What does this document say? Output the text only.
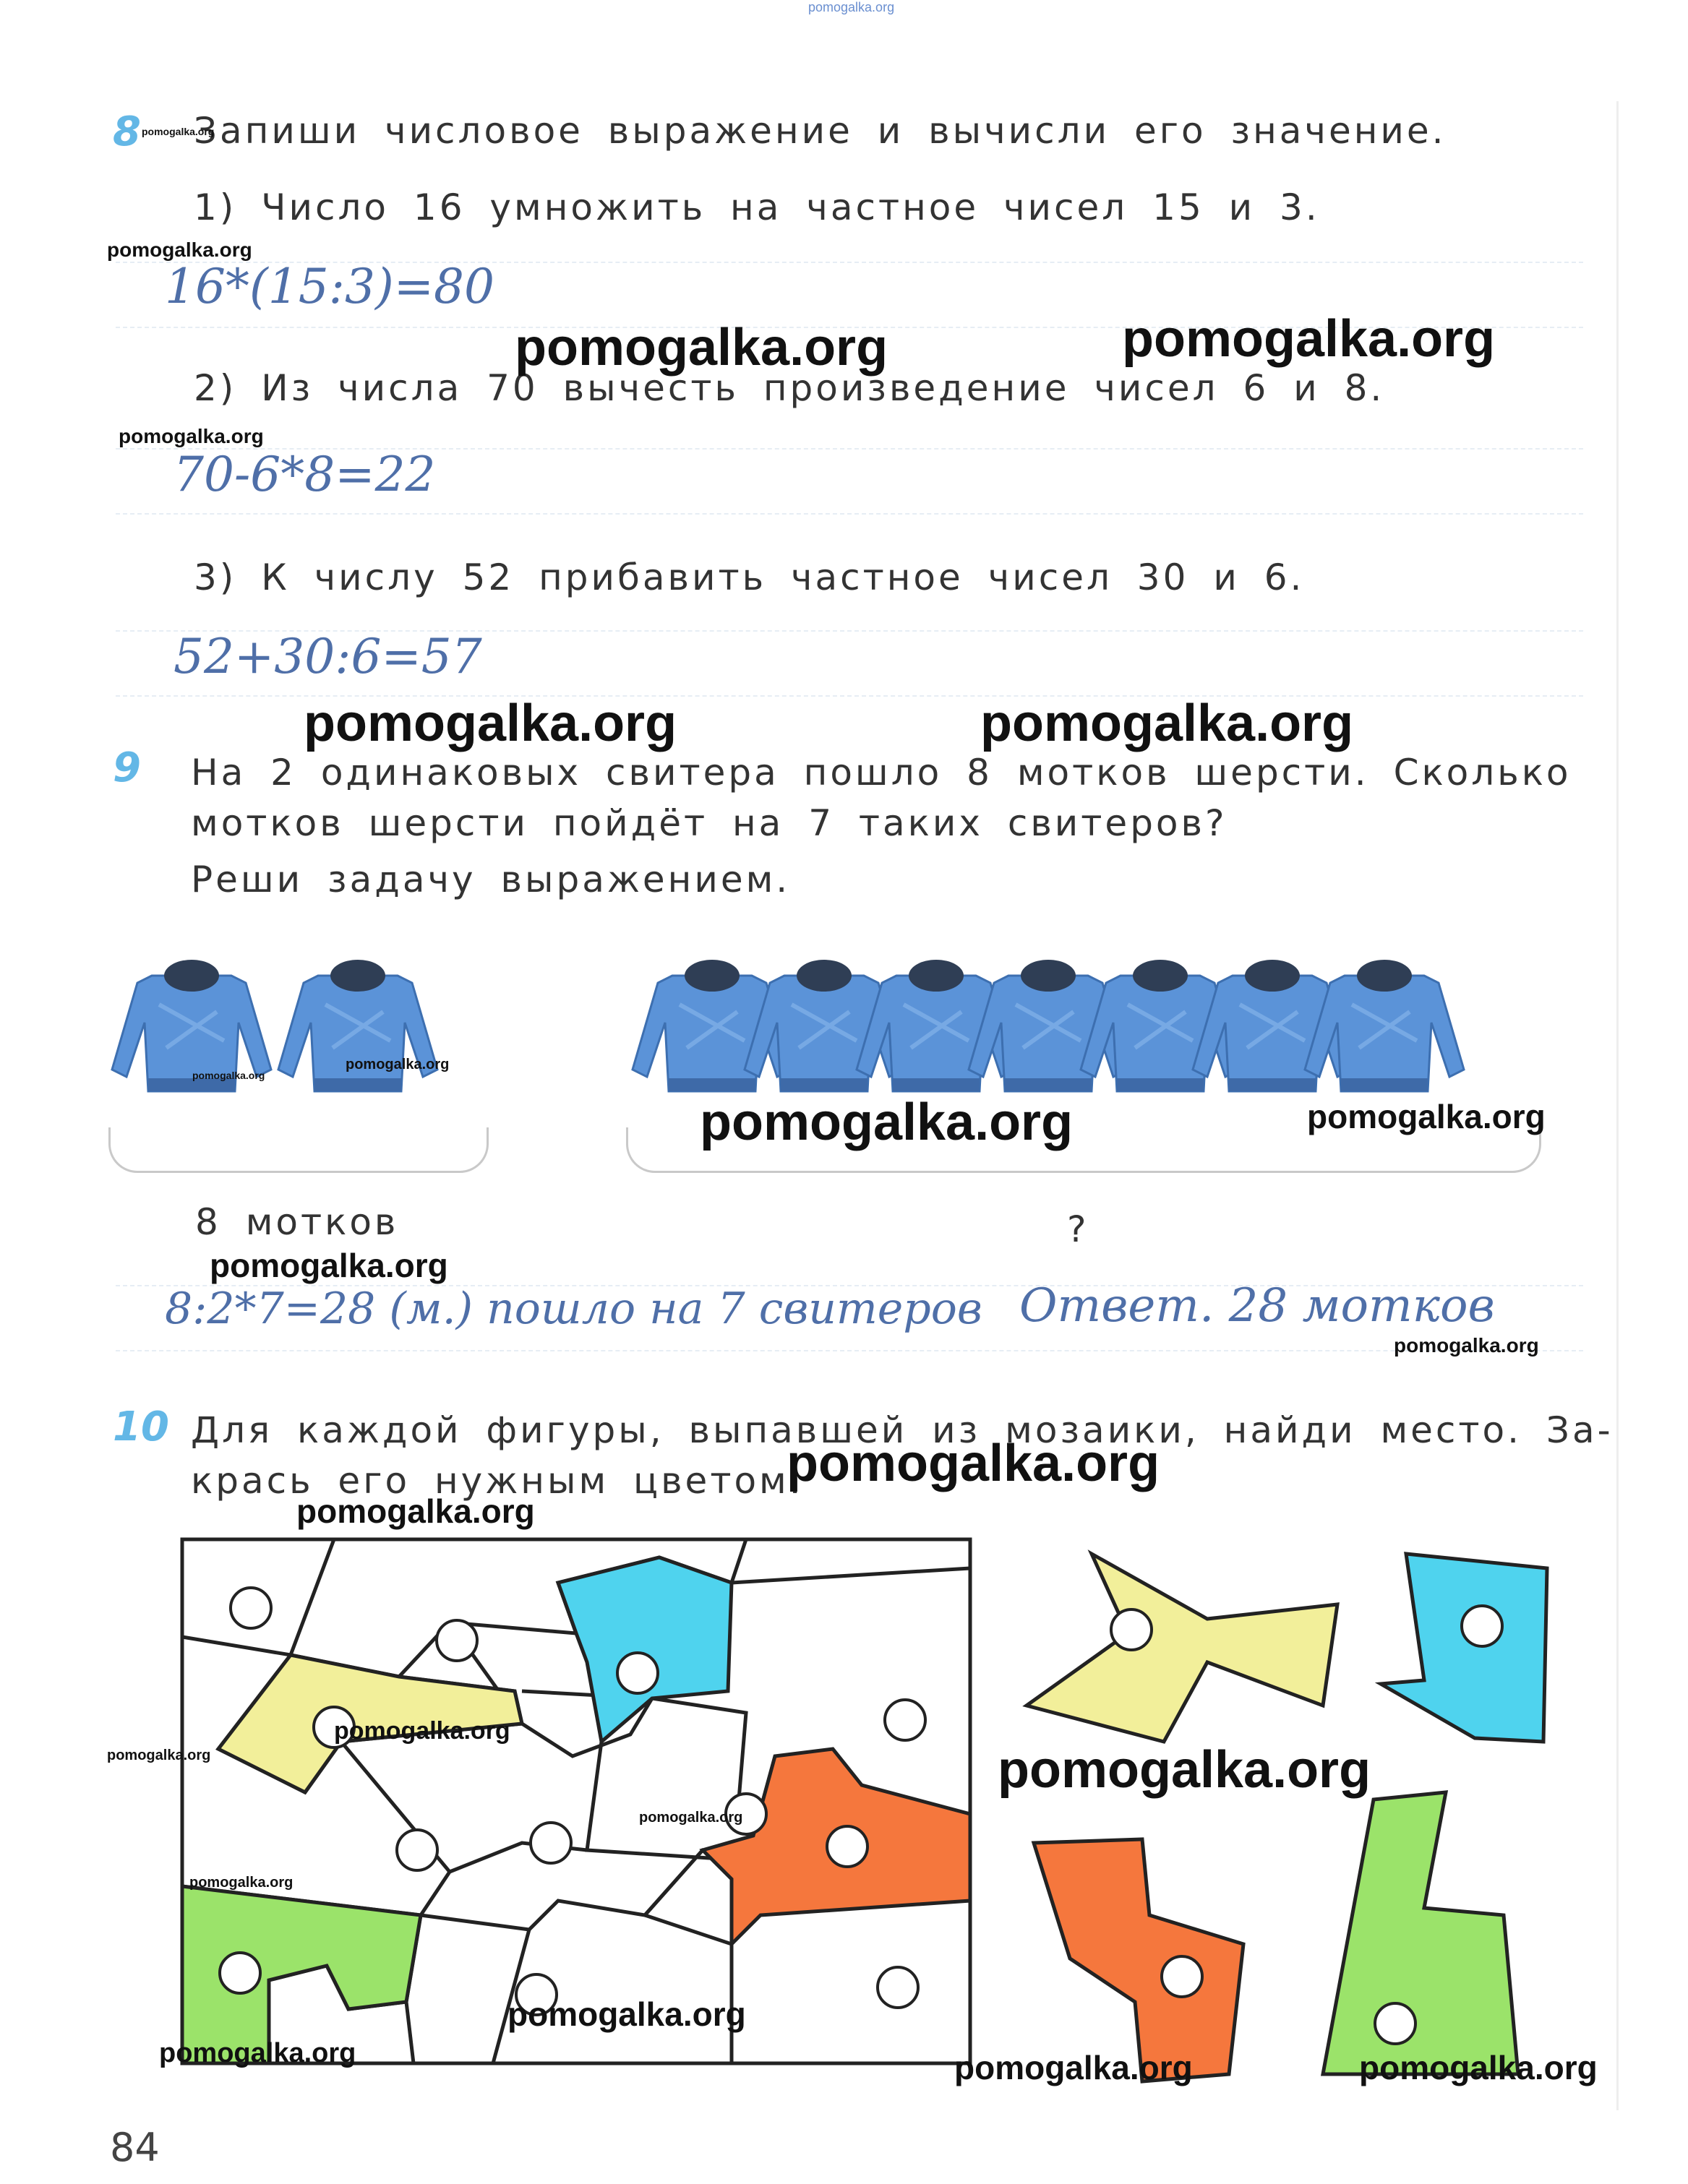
pomogalka.org
8 Запиши числовое выражение и вычисли его значение.
1) Число 16 умножить на частное чисел 15 и 3.
16*(15:3)=80
2) Из числа 70 вычесть произведение чисел 6 и 8.
70-6*8=22
3) К числу 52 прибавить частное чисел 30 и 6.
52+30:6=57
9 На 2 одинаковых свитера пошло 8 мотков шерсти. Сколько
мотков шерсти пойдёт на 7 таких свитеров?
Реши задачу выражением.
8 мотков	?
8:2*7=28 (м.) пошло на 7 свитеров Ответ. 28 мотков
10 Для каждой фигуры, выпавшей из мозаики, найди место. За-
крась его нужным цветом.
84
pomogalka.org
pomogalka.org
pomogalka.org	pomogalka.org
pomogalka.org
pomogalka.org	pomogalka.org
pomogalka.org
pomogalka.org
pomogalka.org	pomogalka.org
pomogalka.org
pomogalka.org
pomogalka.org
pomogalka.org
pomogalka.org
pomogalka.org	pomogalka.org
pomogalka.org
pomogalka.org
pomogalka.org
pomogalka.org	pomogalka.org	pomogalka.org
